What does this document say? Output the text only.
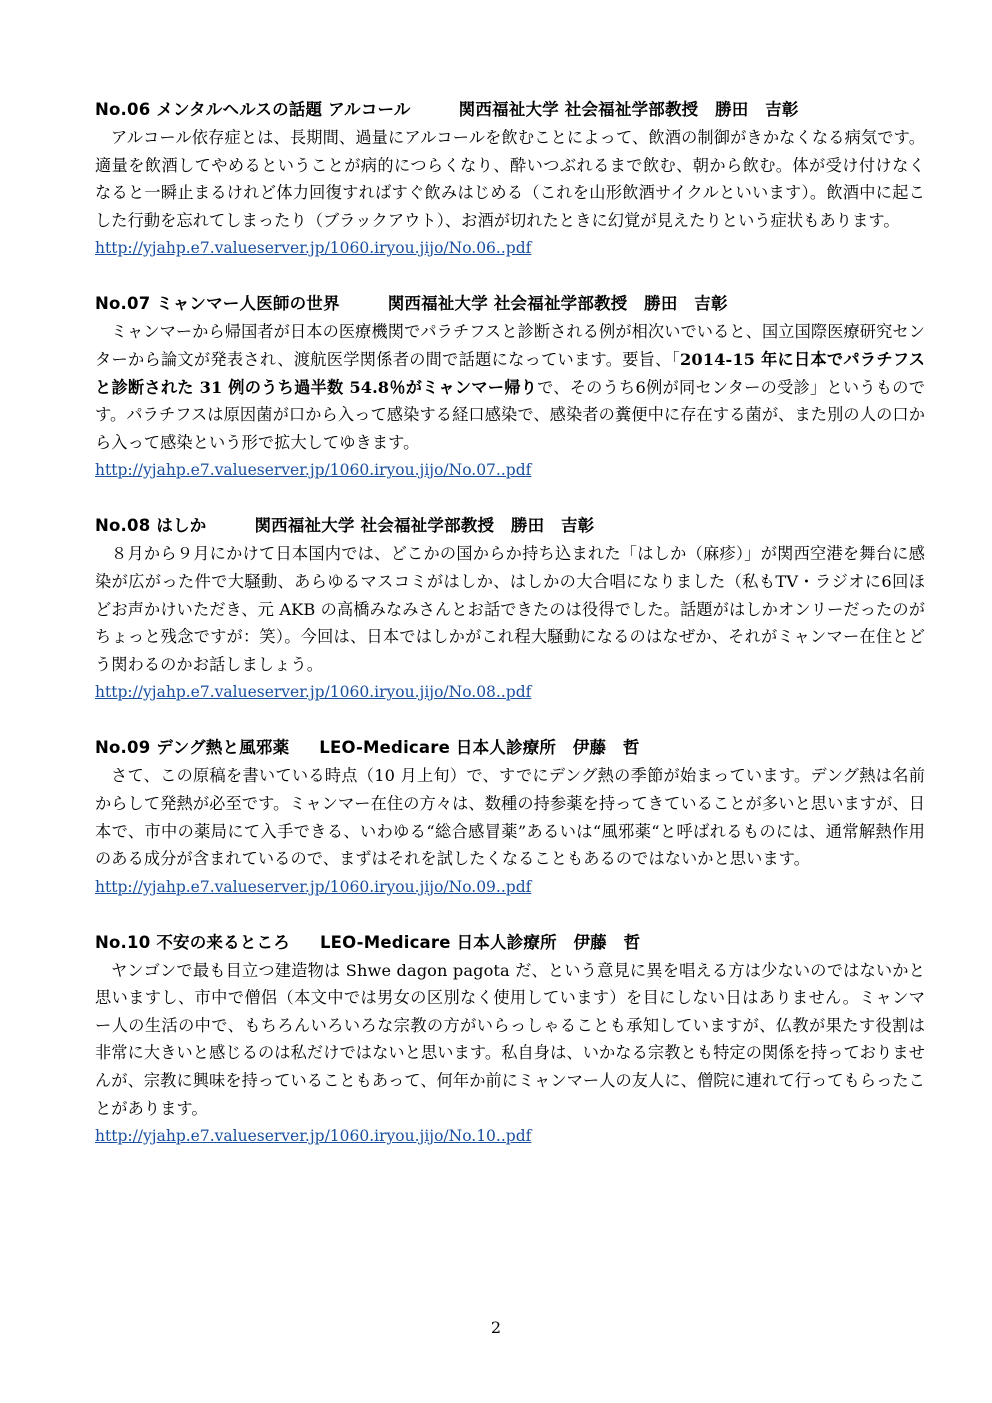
No.06 メンタルヘルスの話題 アルコール	関西福祉大学 社会福祉学部教授　勝田　吉彰

アルコール依存症とは、長期間、過量にアルコールを飲むことによって、飲酒の制御がきかなくなる病気です。適量を飲酒してやめるということが病的につらくなり、酔いつぶれるまで飲む、朝から飲む。体が受け付けなくなると一瞬止まるけれど体力回復すればすぐ飲みはじめる（これを山形飲酒サイクルといいます）。飲酒中に起こした行動を忘れてしまったり（ブラックアウト）、お酒が切れたときに幻覚が見えたりという症状もあります。

http://yjahp.e7.valueserver.jp/1060.iryou.jijo/No.06..pdf
No.07 ミャンマー人医師の世界	関西福祉大学 社会福祉学部教授　勝田　吉彰

ミャンマーから帰国者が日本の医療機関でパラチフスと診断される例が相次いでいると、国立国際医療研究センターから論文が発表され、渡航医学関係者の間で話題になっています。要旨、「2014-15 年に日本でパラチフスと診断された 31 例のうち過半数 54.8％がミャンマー帰りで、そのうち6例が同センターの受診」というものです。パラチフスは原因菌が口から入って感染する経口感染で、感染者の糞便中に存在する菌が、また別の人の口から入って感染という形で拡大してゆきます。

http://yjahp.e7.valueserver.jp/1060.iryou.jijo/No.07..pdf
No.08 はしか	関西福祉大学 社会福祉学部教授　勝田　吉彰

８月から９月にかけて日本国内では、どこかの国からか持ち込まれた「はしか（麻疹）」が関西空港を舞台に感染が広がった件で大騒動、あらゆるマスコミがはしか、はしかの大合唱になりました（私もTV・ラジオに6回ほどお声かけいただき、元 AKB の高橋みなみさんとお話できたのは役得でした。話題がはしかオンリーだったのがちょっと残念ですが：笑）。今回は、日本ではしかがこれ程大騒動になるのはなぜか、それがミャンマー在住とどう関わるのかお話しましょう。

http://yjahp.e7.valueserver.jp/1060.iryou.jijo/No.08..pdf
No.09 デング熱と風邪薬 LEO-Medicare 日本人診療所　伊藤　哲

さて、この原稿を書いている時点（10 月上旬）で、すでにデング熱の季節が始まっています。デング熱は名前からして発熱が必至です。ミャンマー在住の方々は、数種の持参薬を持ってきていることが多いと思いますが、日本で、市中の薬局にて入手できる、いわゆる“総合感冒薬”あるいは“風邪薬“と呼ばれるものには、通常解熱作用のある成分が含まれているので、まずはそれを試したくなることもあるのではないかと思います。

http://yjahp.e7.valueserver.jp/1060.iryou.jijo/No.09..pdf
No.10 不安の来るところ LEO-Medicare 日本人診療所　伊藤　哲

ヤンゴンで最も目立つ建造物は Shwe dagon pagota だ、という意見に異を唱える方は少ないのではないかと思いますし、市中で僧侶（本文中では男女の区別なく使用しています）を目にしない日はありません。ミャンマー人の生活の中で、もちろんいろいろな宗教の方がいらっしゃることも承知していますが、仏教が果たす役割は非常に大きいと感じるのは私だけではないと思います。私自身は、いかなる宗教とも特定の関係を持っておりませんが、宗教に興味を持っていることもあって、何年か前にミャンマー人の友人に、僧院に連れて行ってもらったことがあります。

http://yjahp.e7.valueserver.jp/1060.iryou.jijo/No.10..pdf
2
